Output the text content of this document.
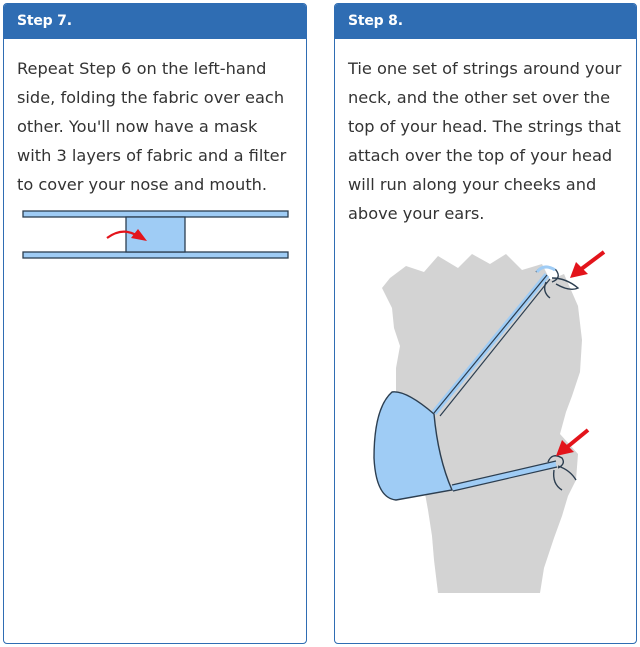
Step 7.
Repeat Step 6 on the left-hand side, folding the fabric over each other. You'll now have a mask with 3 layers of fabric and a filter to cover your nose and mouth.
Step 8.
Tie one set of strings around your neck, and the other set over the top of your head. The strings that attach over the top of your head will run along your cheeks and above your ears.
